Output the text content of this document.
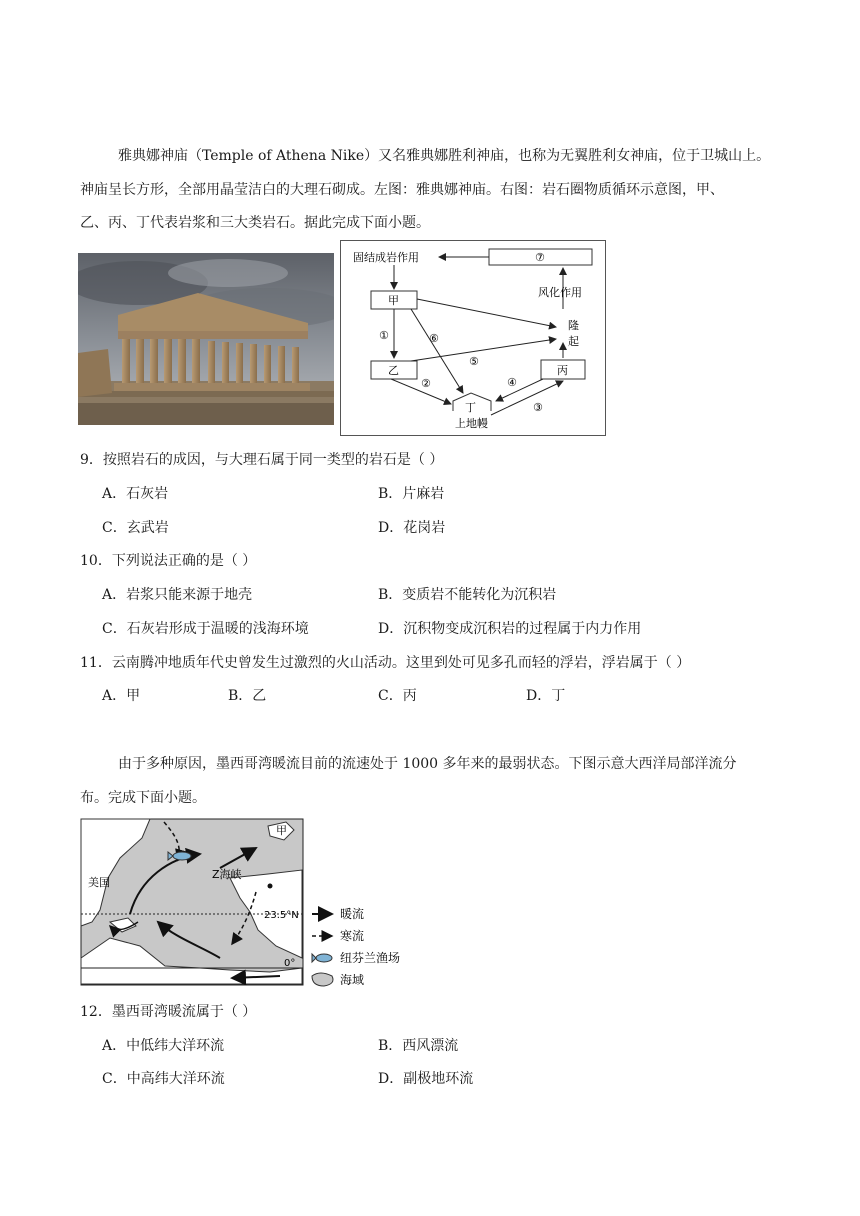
雅典娜神庙（Temple of Athena Nike）又名雅典娜胜利神庙，也称为无翼胜利女神庙，位于卫城山上。
神庙呈长方形，全部用晶莹洁白的大理石砌成。左图：雅典娜神庙。右图：岩石圈物质循环示意图，甲、
乙、丙、丁代表岩浆和三大类岩石。据此完成下面小题。
固结成岩作用	⑦
风化作用
甲
乙	丙
丁
隆
起
上地幔
①
②
③
④
⑤
⑥
9．按照岩石的成因，与大理石属于同一类型的岩石是（ ）
A．石灰岩	B．片麻岩
C．玄武岩	D．花岗岩
10．下列说法正确的是（ ）
A．岩浆只能来源于地壳	B．变质岩不能转化为沉积岩
C．石灰岩形成于温暖的浅海环境	D．沉积物变成沉积岩的过程属于内力作用
11．云南腾冲地质年代史曾发生过激烈的火山活动。这里到处可见多孔而轻的浮岩，浮岩属于（ ）
A．甲	B．乙	C．丙	D．丁
由于多种原因，墨西哥湾暖流目前的流速处于 1000 多年来的最弱状态。下图示意大西洋局部洋流分
布。完成下面小题。
甲
美国
Z海峡
23.5°N
0°
暖流
寒流
纽芬兰渔场
海域
12．墨西哥湾暖流属于（ ）
A．中低纬大洋环流	B．西风漂流
C．中高纬大洋环流	D．副极地环流
